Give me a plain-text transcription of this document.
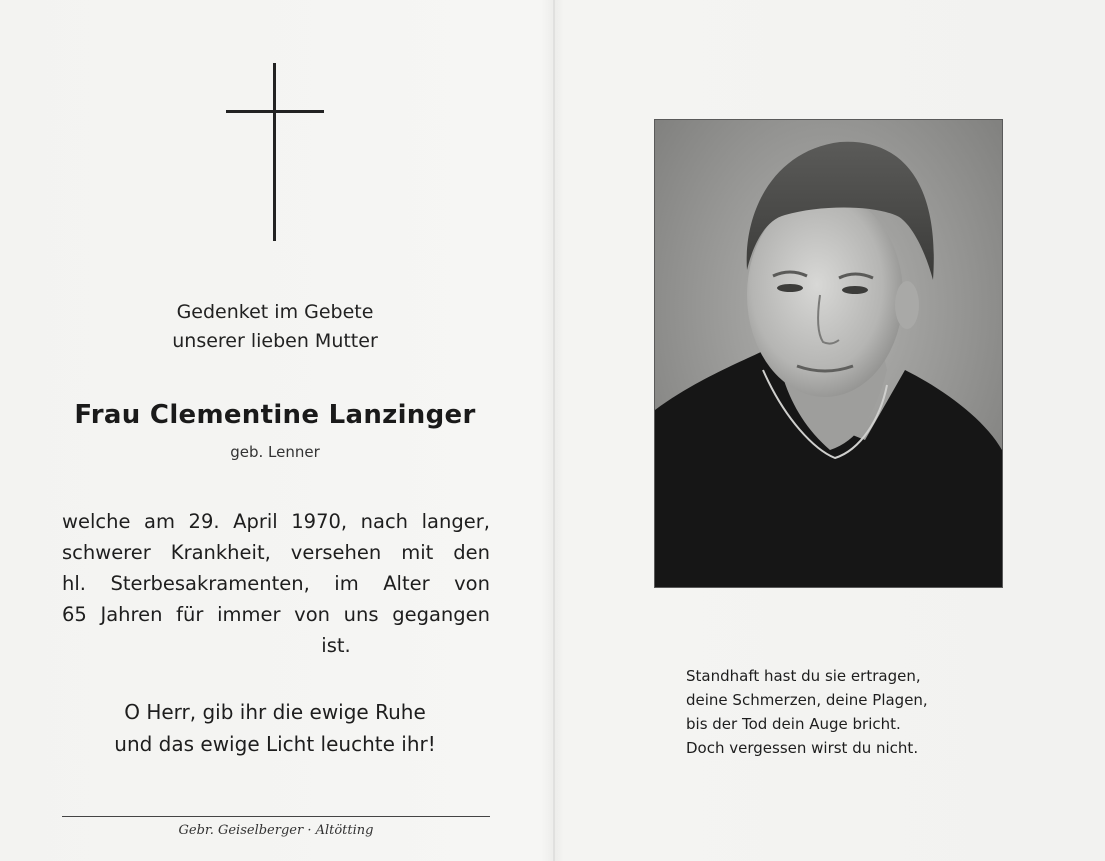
Gedenket im Gebete
unserer lieben Mutter
Frau Clementine Lanzinger
geb. Lenner
welche am 29. April 1970, nach langer,
schwerer Krankheit, versehen mit den
hl. Sterbesakramenten, im Alter von
65 Jahren für immer von uns gegangen
ist.
O Herr, gib ihr die ewige Ruhe
und das ewige Licht leuchte ihr!
Gebr. Geiselberger · Altötting
Standhaft hast du sie ertragen,
deine Schmerzen, deine Plagen,
bis der Tod dein Auge bricht.
Doch vergessen wirst du nicht.
